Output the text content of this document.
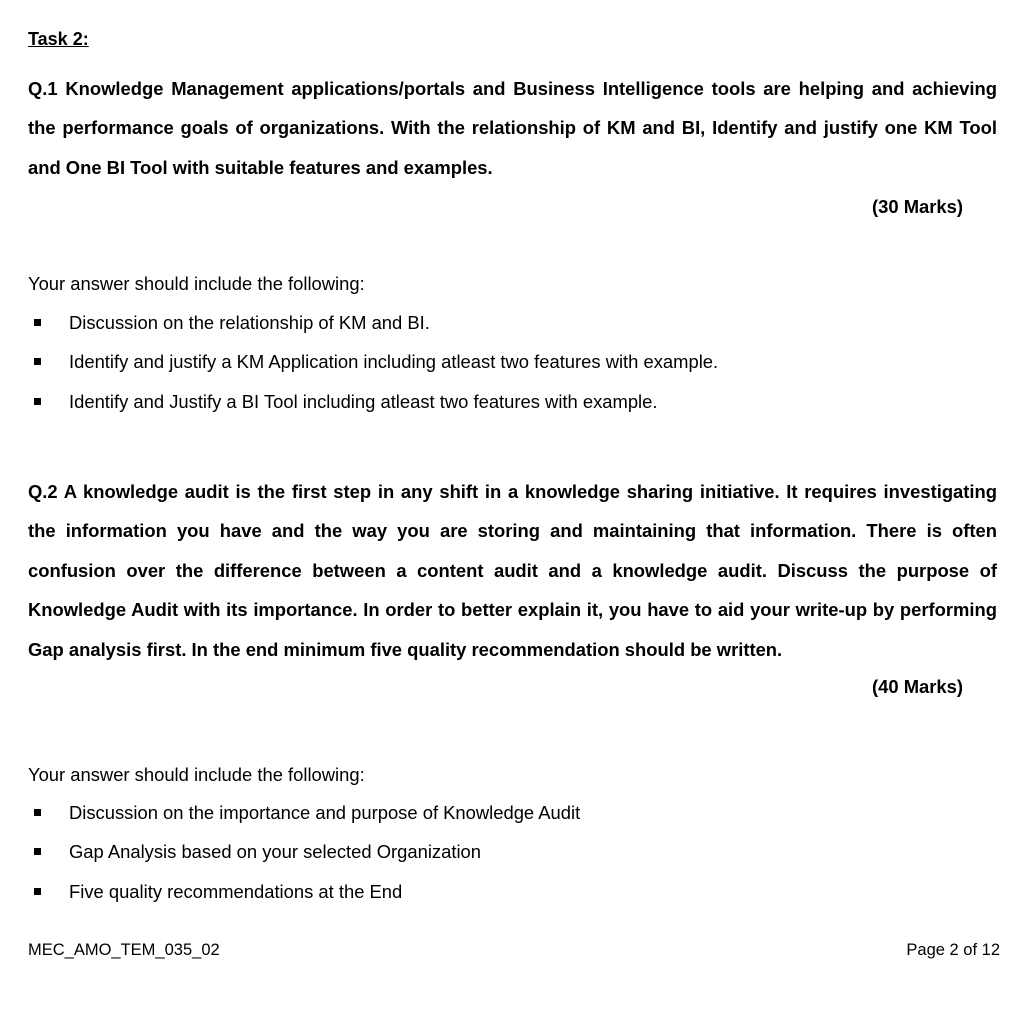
Task 2:

Q.1 Knowledge Management applications/portals and Business Intelligence tools are helping and achieving the performance goals of organizations. With the relationship of KM and BI, Identify and justify one KM Tool and One BI Tool with suitable features and examples.

(30 Marks)

Your answer should include the following:

Discussion on the relationship of KM and BI.
Identify and justify a KM Application including atleast two features with example.
Identify and Justify a BI Tool including atleast two features with example.

Q.2 A knowledge audit is the first step in any shift in a knowledge sharing initiative. It requires investigating the information you have and the way you are storing and maintaining that information. There is often confusion over the difference between a content audit and a knowledge audit. Discuss the purpose of Knowledge Audit with its importance. In order to better explain it, you have to aid your write-up by performing Gap analysis first. In the end minimum five quality recommendation should be written.

(40 Marks)

Your answer should include the following:

Discussion on the importance and purpose of Knowledge Audit
Gap Analysis based on your selected Organization
Five quality recommendations at the End

MEC_AMO_TEM_035_02	Page 2 of 12
